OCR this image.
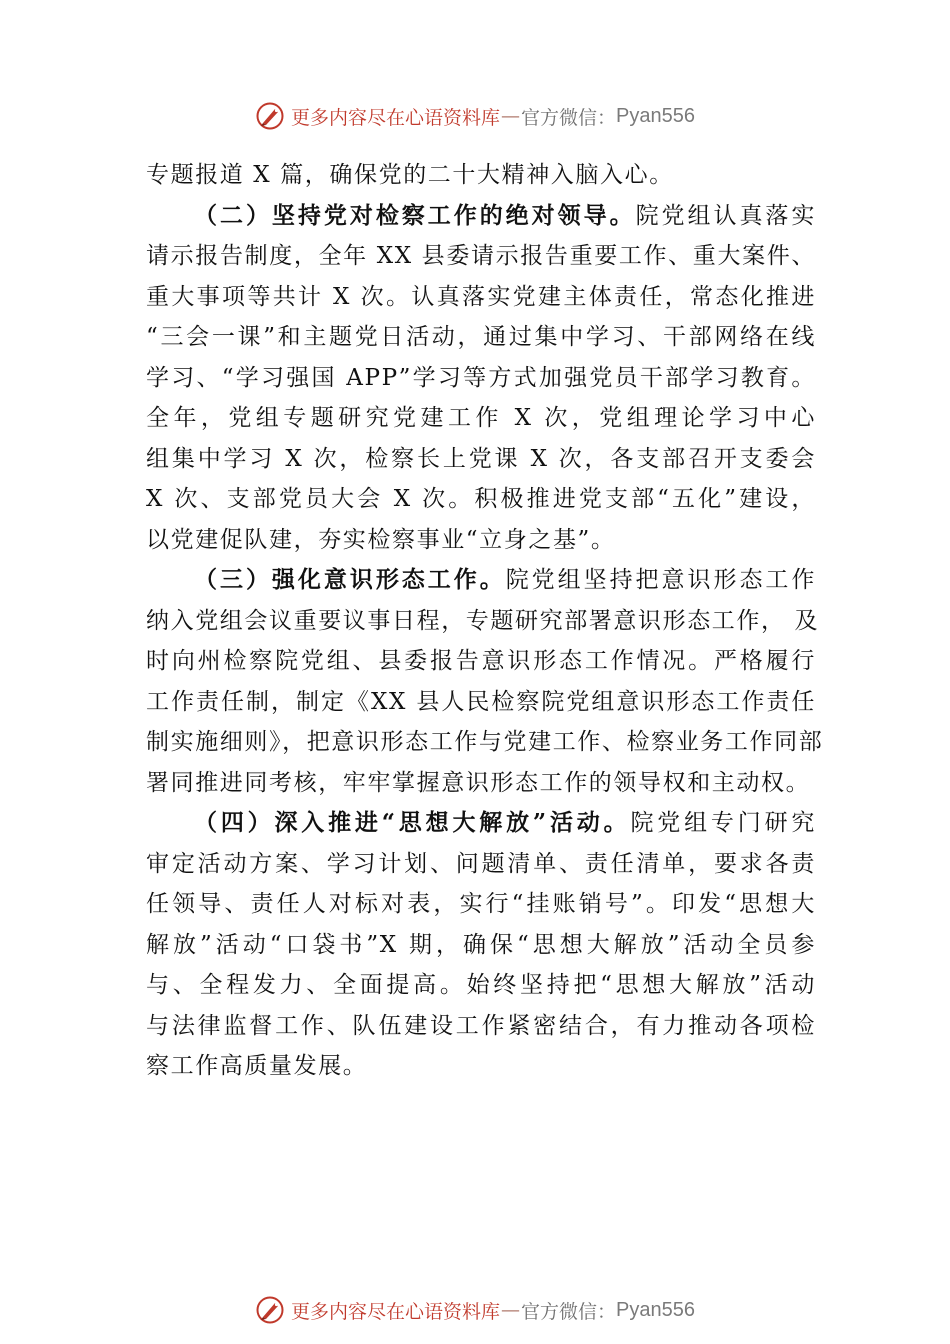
更多内容尽在心语资料库 — 官方微信： Pyan556
专题报道 X 篇，确保党的二十大精神入脑入心。
（二）坚持党对检察工作的绝对领导。院党组认真落实
请示报告制度，全年 XX 县委请示报告重要工作、重大案件、
重大事项等共计 X 次。认真落实党建主体责任，常态化推进
“三会一课”和主题党日活动，通过集中学习、干部网络在线
学习、“学习强国 APP”学习等方式加强党员干部学习教育。
全年，党组专题研究党建工作 X 次，党组理论学习中心
组集中学习 X 次，检察长上党课 X 次，各支部召开支委会
X 次、支部党员大会 X 次。积极推进党支部“五化”建设，
以党建促队建，夯实检察事业“立身之基”。
（三）强化意识形态工作。院党组坚持把意识形态工作
纳入党组会议重要议事日程，专题研究部署意识形态工作， 及
时向州检察院党组、县委报告意识形态工作情况。严格履行
工作责任制，制定《XX 县人民检察院党组意识形态工作责任
制实施细则》，把意识形态工作与党建工作、检察业务工作同部
署同推进同考核，牢牢掌握意识形态工作的领导权和主动权。
（四）深入推进“思想大解放”活动。院党组专门研究
审定活动方案、学习计划、问题清单、责任清单，要求各责
任领导、责任人对标对表，实行“挂账销号”。印发“思想大
解放”活动“口袋书”X 期，确保“思想大解放”活动全员参
与、全程发力、全面提高。始终坚持把“思想大解放”活动
与法律监督工作、队伍建设工作紧密结合，有力推动各项检
察工作高质量发展。
更多内容尽在心语资料库 — 官方微信： Pyan556
